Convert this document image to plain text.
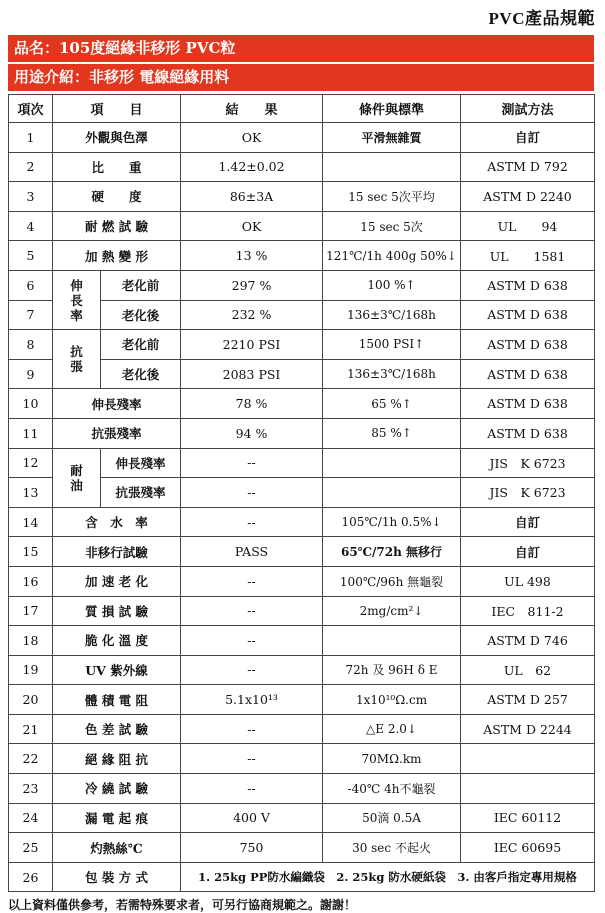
PVC產品規範
品名：105度絕緣非移形 PVC粒
用途介紹：非移形 電線絕緣用料
項次	項　　目		結　　果	條件與標準	測試方法
1	外觀與色澤		OK	平滑無雜質	自訂
2	比　　重		1.42±0.02		ASTM D 792
3	硬　　度		86±3A	15 sec 5次平均	ASTM D 2240
4	耐 燃 試 驗		OK	15 sec 5次	UL　　94
5	加 熱 變 形		13 %	121℃/1h 400g 50%↓	UL　　1581
6	伸長率	老化前	297 %	100 %↑	ASTM D 638
7		老化後	232 %	136±3℃/168h	ASTM D 638
8	抗張	老化前	2210 PSI	1500 PSI↑	ASTM D 638
9		老化後	2083 PSI	136±3℃/168h	ASTM D 638
10	伸長殘率		78 %	65 %↑	ASTM D 638
11	抗張殘率		94 %	85 %↑	ASTM D 638
12	耐油	伸長殘率	--		JIS　K 6723
13		抗張殘率	--		JIS　K 6723
14	含　水　率		--	105℃/1h 0.5%↓	自訂
15	非移行試驗		PASS	65℃/72h 無移行	自訂
16	加 速 老 化		--	100℃/96h 無龜裂	UL 498
17	質 損 試 驗		--	2mg/cm²↓	IEC　811-2
18	脆 化 溫 度		--		ASTM D 746
19	UV 紫外線		--	72h 及 96H δ E	UL　62
20	體 積 電 阻		5.1x10¹³	1x10¹⁰Ω.cm	ASTM D 257
21	色 差 試 驗		--	△E 2.0↓	ASTM D 2244
22	絕 緣 阻 抗		--	70MΩ.km	
23	冷 繞 試 驗		--	-40℃ 4h不龜裂	
24	漏 電 起 痕		400 V	50滴 0.5A	IEC 60112
25	灼熱絲℃		750	30 sec 不起火	IEC 60695
26	包 裝 方 式		1. 25kg PP防水編織袋　2. 25kg 防水硬紙袋　3. 由客戶指定專用規格		
以上資料僅供參考，若需特殊要求者，可另行協商規範之。謝謝！
